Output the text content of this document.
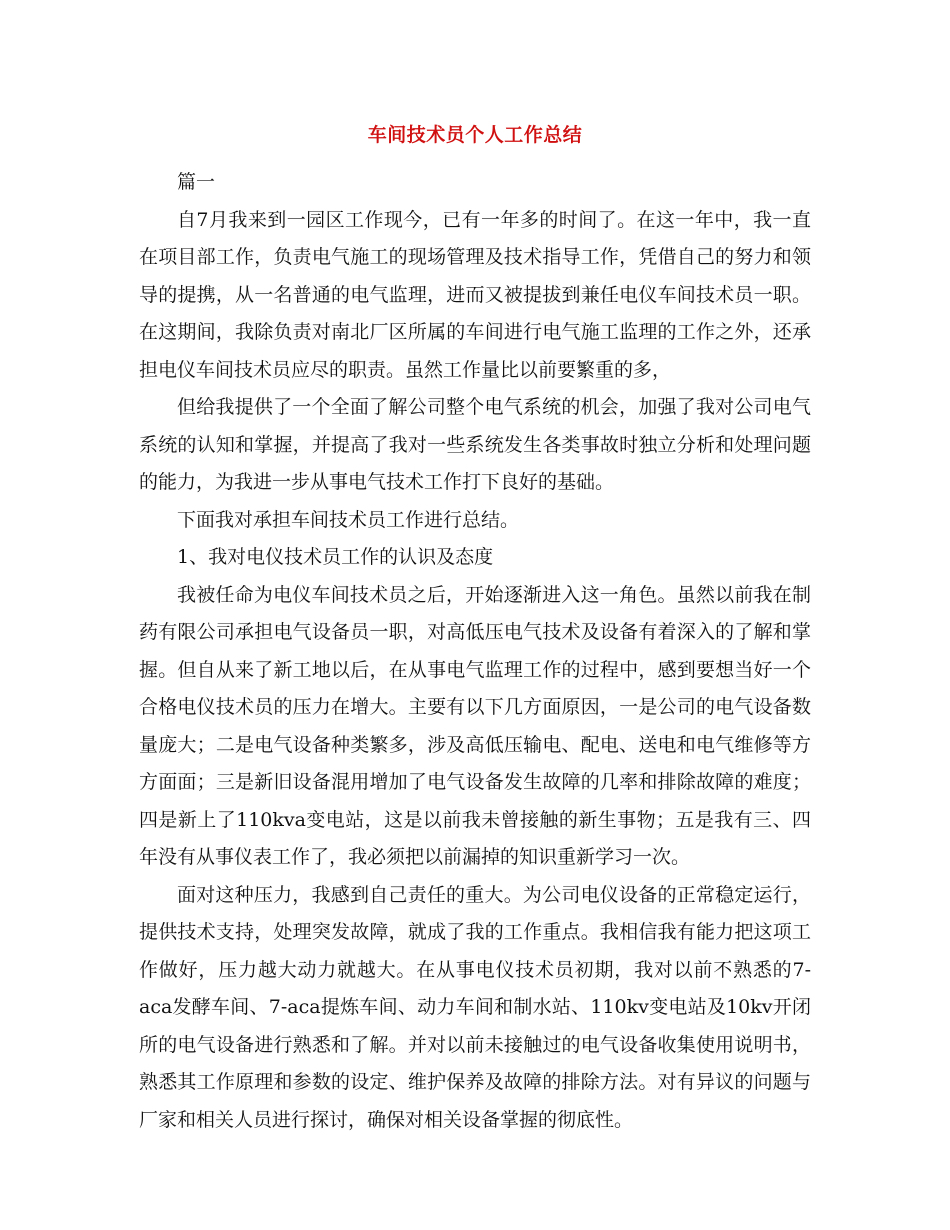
车间技术员个人工作总结

篇一

自7月我来到一园区工作现今，已有一年多的时间了。在这一年中，我一直在项目部工作，负责电气施工的现场管理及技术指导工作，凭借自己的努力和领导的提携，从一名普通的电气监理，进而又被提拔到兼任电仪车间技术员一职。在这期间，我除负责对南北厂区所属的车间进行电气施工监理的工作之外，还承担电仪车间技术员应尽的职责。虽然工作量比以前要繁重的多，

但给我提供了一个全面了解公司整个电气系统的机会，加强了我对公司电气系统的认知和掌握，并提高了我对一些系统发生各类事故时独立分析和处理问题的能力，为我进一步从事电气技术工作打下良好的基础。

下面我对承担车间技术员工作进行总结。

1、我对电仪技术员工作的认识及态度

我被任命为电仪车间技术员之后，开始逐渐进入这一角色。虽然以前我在制药有限公司承担电气设备员一职，对高低压电气技术及设备有着深入的了解和掌握。但自从来了新工地以后，在从事电气监理工作的过程中，感到要想当好一个合格电仪技术员的压力在增大。主要有以下几方面原因，一是公司的电气设备数量庞大；二是电气设备种类繁多，涉及高低压输电、配电、送电和电气维修等方方面面；三是新旧设备混用增加了电气设备发生故障的几率和排除故障的难度；四是新上了110kva变电站，这是以前我未曾接触的新生事物；五是我有三、四年没有从事仪表工作了，我必须把以前漏掉的知识重新学习一次。

面对这种压力，我感到自己责任的重大。为公司电仪设备的正常稳定运行，提供技术支持，处理突发故障，就成了我的工作重点。我相信我有能力把这项工作做好，压力越大动力就越大。在从事电仪技术员初期，我对以前不熟悉的7-aca发酵车间、7-aca提炼车间、动力车间和制水站、110kv变电站及10kv开闭所的电气设备进行熟悉和了解。并对以前未接触过的电气设备收集使用说明书，熟悉其工作原理和参数的设定、维护保养及故障的排除方法。对有异议的问题与厂家和相关人员进行探讨，确保对相关设备掌握的彻底性。
